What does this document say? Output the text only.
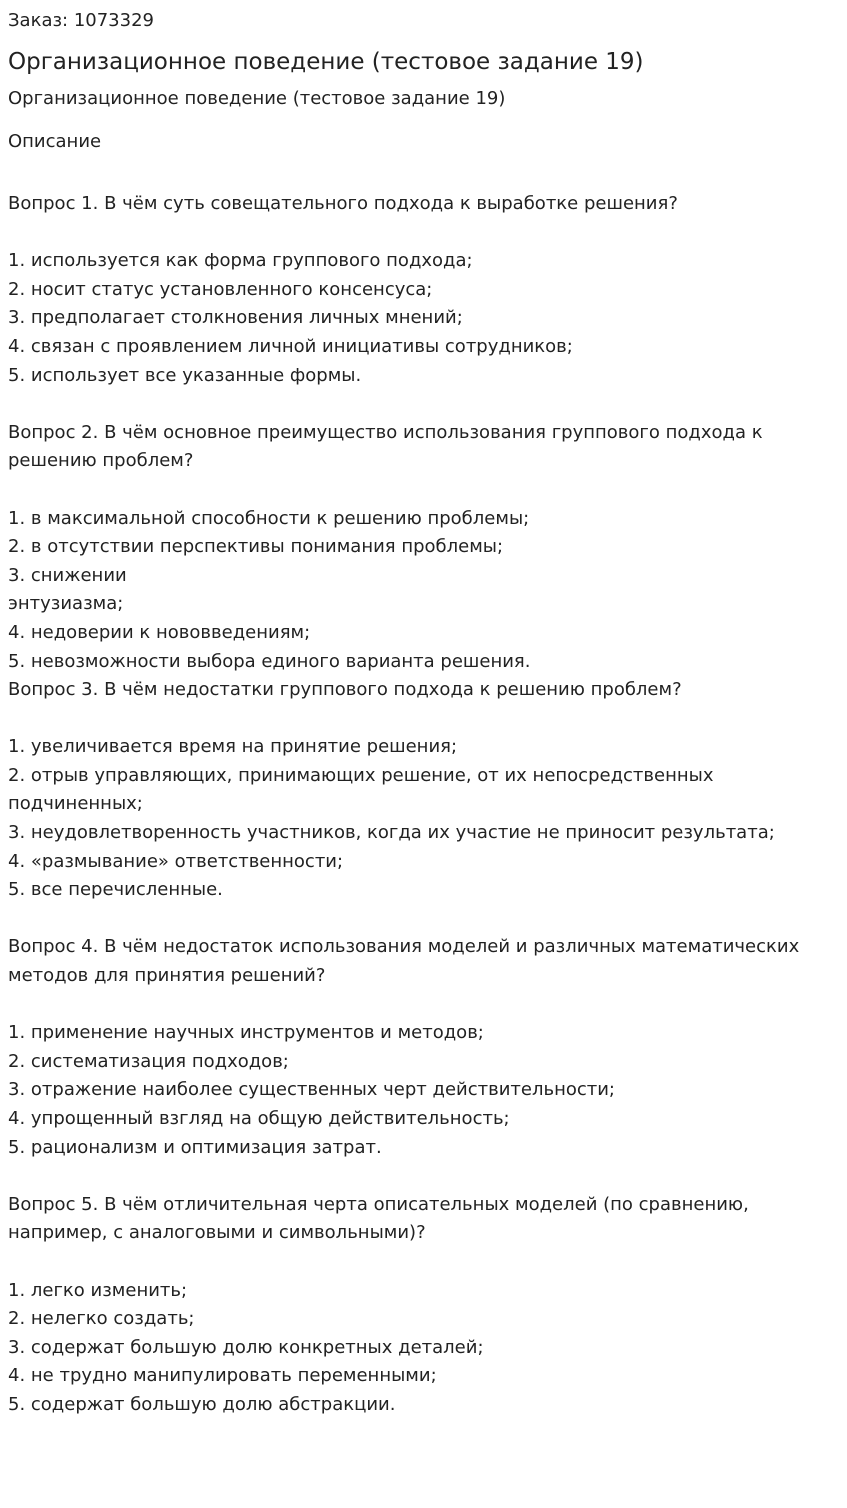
Заказ: 1073329
Организационное поведение (тестовое задание 19)
Организационное поведение (тестовое задание 19)
Описание
Вопрос 1. В чём суть совещательного подхода к выработке решения?
1. используется как форма группового подхода;
2. носит статус установленного консенсуса;
3. предполагает столкновения личных мнений;
4. связан с проявлением личной инициативы сотрудников;
5. использует все указанные формы.
Вопрос 2. В чём основное преимущество использования группового подхода к решению проблем?
1. в максимальной способности к решению проблемы;
2. в отсутствии перспективы понимания проблемы;
3. снижении
энтузиазма;
4. недоверии к нововведениям;
5. невозможности выбора единого варианта решения.
Вопрос 3. В чём недостатки группового подхода к решению проблем?
1. увеличивается время на принятие решения;
2. отрыв управляющих, принимающих решение, от их непосредственных подчиненных;
3. неудовлетворенность участников, когда их участие не приносит результата;
4. «размывание» ответственности;
5. все перечисленные.
Вопрос 4. В чём недостаток использования моделей и различных математических методов для принятия решений?
1. применение научных инструментов и методов;
2. систематизация подходов;
3. отражение наиболее существенных черт действительности;
4. упрощенный взгляд на общую действительность;
5. рационализм и оптимизация затрат.
Вопрос 5. В чём отличительная черта описательных моделей (по сравнению, например, с аналоговыми и символьными)?
1. легко изменить;
2. нелегко создать;
3. содержат большую долю конкретных деталей;
4. не трудно манипулировать переменными;
5. содержат большую долю абстракции.
